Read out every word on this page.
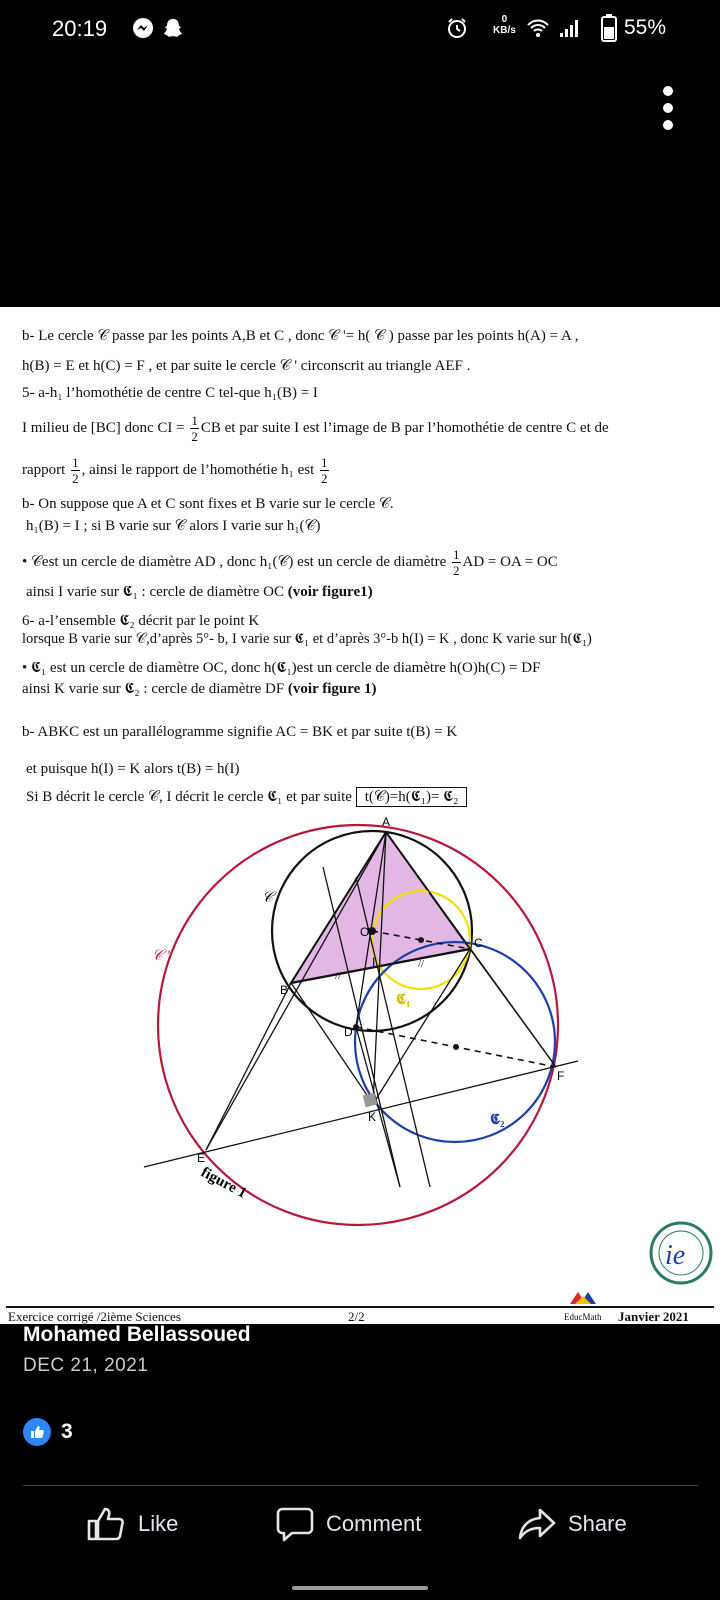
20:19	0
KB/s	55%
b- Le cercle 𝒞 passe par les points A,B et C , donc 𝒞 '= h( 𝒞 ) passe par les points h(A) = A ,
h(B) = E et h(C) = F , et par suite le cercle 𝒞 ' circonscrit au triangle AEF .
5- a-h₁ l’homothétie de centre C tel-que h₁(B) = I
I milieu de [BC] donc CI = $\frac{1}{2}$ CB et par suite I est l’image de B par l’homothétie de centre C et de
rapport $\frac{1}{2}$ , ainsi le rapport de l’homothétie h₁ est $\frac{1}{2}$
b- On suppose que A et C sont fixes et B varie sur le cercle 𝒞.
h₁(B) = I ; si B varie sur 𝒞 alors I varie sur h₁(𝒞)
• 𝒞est un cercle de diamètre AD , donc h₁(𝒞) est un cercle de diamètre $\frac{1}{2}$ AD = OA = OC
ainsi I varie sur 𝕮₁ : cercle de diamètre OC (voir figure1)
6- a-l’ensemble 𝕮₂ décrit par le point K
lorsque B varie sur 𝒞,d’après 5°- b, I varie sur 𝕮₁ et d’après 3°-b h(I) = K , donc K varie sur h(𝕮₁)
• 𝕮₁ est un cercle de diamètre OC, donc h(𝕮₁)est un cercle de diamètre h(O)h(C) = DF
ainsi K varie sur 𝕮₂ : cercle de diamètre DF (voir figure 1)
b- ABKC est un parallélogramme signifie AC = BK et par suite t(B) = K
et puisque h(I) = K alors t(B) = h(I)
Si B décrit le cercle 𝒞, I décrit le cercle 𝕮₁ et par suite t(𝒞)=h(𝕮₁)= 𝕮₂
//
//
A
B
C
D
E
F
I
K
O
𝒞
𝒞 '
𝕮₁
𝕮₂
figure 1
ie
Exercice corrigé /2ième Sciences	2/2	EducMath Janvier 2021
Mohamed Bellassoued
DEC 21, 2021
3
Like	Comment	Share
